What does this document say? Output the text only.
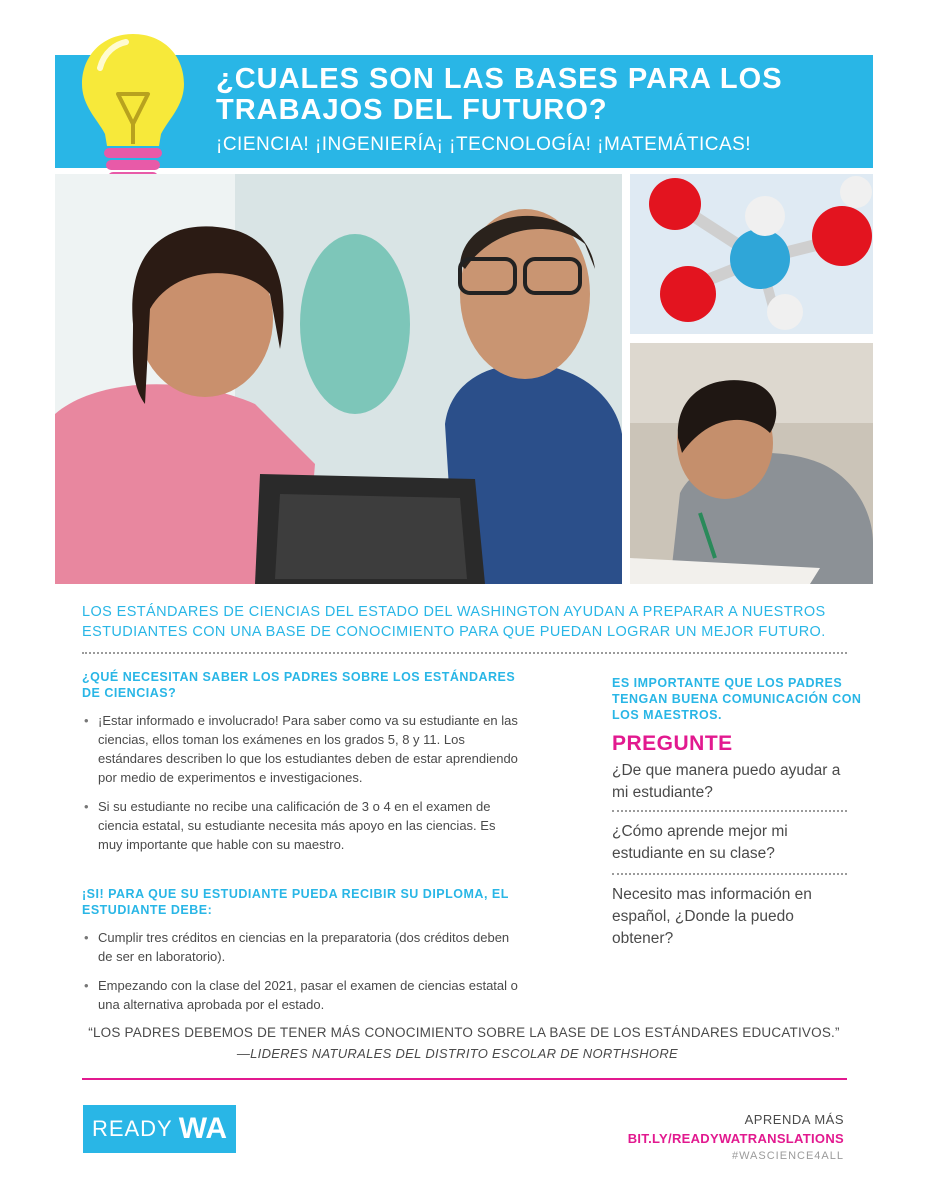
¿CUALES SON LAS BASES PARA LOS TRABAJOS DEL FUTURO?

¡CIENCIA! ¡INGENIERÍA¡ ¡TECNOLOGÍA! ¡MATEMÁTICAS!

LOS ESTÁNDARES DE CIENCIAS DEL ESTADO DEL WASHINGTON AYUDAN A PREPARAR A NUESTROS ESTUDIANTES CON UNA BASE DE CONOCIMIENTO PARA QUE PUEDAN LOGRAR UN MEJOR FUTURO.

¿QUÉ NECESITAN SABER LOS PADRES SOBRE LOS ESTÁNDARES DE CIENCIAS?
• ¡Estar informado e involucrado! Para saber como va su estudiante en las ciencias, ellos toman los exámenes en los grados 5, 8 y 11. Los estándares describen lo que los estudiantes deben de estar aprendiendo por medio de experimentos e investigaciones.
• Si su estudiante no recibe una calificación de 3 o 4 en el examen de ciencia estatal, su estudiante necesita más apoyo en las ciencias. Es muy importante que hable con su maestro.
¡SI! PARA QUE SU ESTUDIANTE PUEDA RECIBIR SU DIPLOMA, EL ESTUDIANTE DEBE:
• Cumplir tres créditos en ciencias en la preparatoria (dos créditos deben de ser en laboratorio).
• Empezando con la clase del 2021, pasar el examen de ciencias estatal o una alternativa aprobada por el estado.
ES IMPORTANTE QUE LOS PADRES TENGAN BUENA COMUNICACIÓN CON LOS MAESTROS.

PREGUNTE

¿De que manera puedo ayudar a mi estudiante?

¿Cómo aprende mejor mi estudiante en su clase?

Necesito mas información en español, ¿Donde la puedo obtener?

“LOS PADRES DEBEMOS DE TENER MÁS CONOCIMIENTO SOBRE LA BASE DE LOS ESTÁNDARES EDUCATIVOS.”

—LIDERES NATURALES DEL DISTRITO ESCOLAR DE NORTHSHORE

READY WA	APRENDA MÁS

BIT.LY/READYWATRANSLATIONS

#WASCIENCE4ALL
